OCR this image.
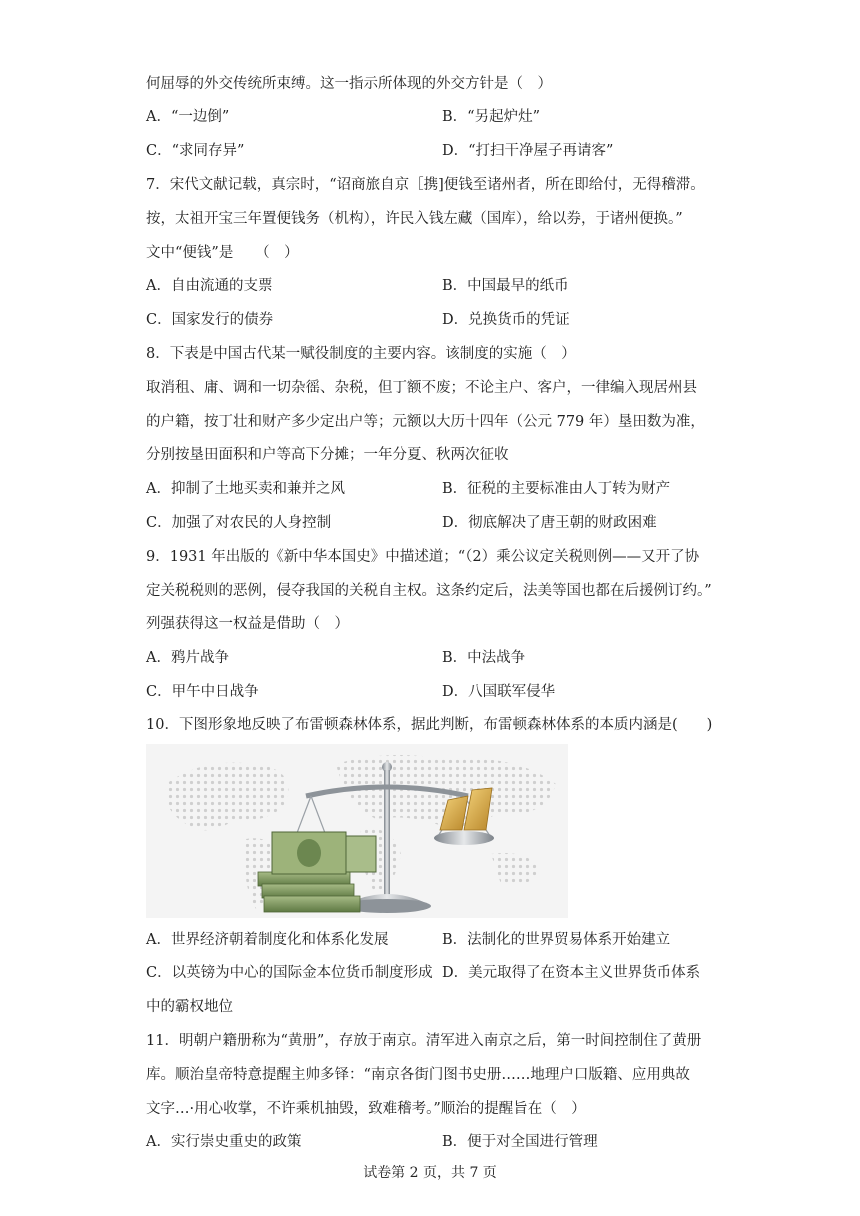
何屈辱的外交传统所束缚。这一指示所体现的外交方针是（　）
A．“一边倒”	B．“另起炉灶”
C．“求同存异”	D．“打扫干净屋子再请客”
7．宋代文献记载，真宗时，“诏商旅自京［携]便钱至诸州者，所在即给付，无得稽滞。
按，太祖开宝三年置便钱务（机构），许民入钱左藏（国库），给以券，于诸州便换。”
文中“便钱”是　　（　）
A．自由流通的支票	B．中国最早的纸币
C．国家发行的债券	D．兑换货币的凭证
8．下表是中国古代某一赋役制度的主要内容。该制度的实施（　）
取消租、庸、调和一切杂徭、杂税，但丁额不废；不论主户、客户，一律编入现居州县
的户籍，按丁壮和财产多少定出户等；元额以大历十四年（公元 779 年）垦田数为准，
分别按垦田面积和户等高下分摊；一年分夏、秋两次征收
A．抑制了土地买卖和兼并之风	B．征税的主要标准由人丁转为财产
C．加强了对农民的人身控制	D．彻底解决了唐王朝的财政困难
9．1931 年出版的《新中华本国史》中描述道；“（2）乘公议定关税则例——又开了协
定关税税则的恶例，侵夺我国的关税自主权。这条约定后，法美等国也都在后援例订约。”
列强获得这一权益是借助（　）
A．鸦片战争	B．中法战争
C．甲午中日战争	D．八国联军侵华
10．下图形象地反映了布雷顿森林体系，据此判断，布雷顿森林体系的本质内涵是(　　)
A．世界经济朝着制度化和体系化发展	B．法制化的世界贸易体系开始建立
C．以英镑为中心的国际金本位货币制度形成 D．美元取得了在资本主义世界货币体系
中的霸权地位
11．明朝户籍册称为“黄册”，存放于南京。清军进入南京之后，第一时间控制住了黄册
库。顺治皇帝特意提醒主帅多铎：“南京各街门图书史册……地理户口版籍、应用典故
文字…·用心收掌，不许乘机抽毁，致难稽考。”顺治的提醒旨在（　）
A．实行崇史重史的政策	B．便于对全国进行管理
试卷第 2 页，共 7 页
